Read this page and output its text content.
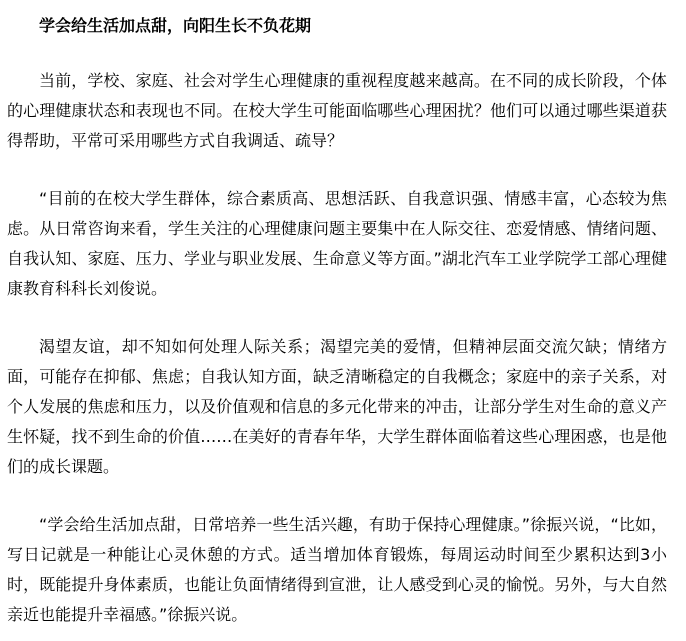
学会给生活加点甜，向阳生长不负花期

当前，学校、家庭、社会对学生心理健康的重视程度越来越高。在不同的成长阶段，个体的心理健康状态和表现也不同。在校大学生可能面临哪些心理困扰？他们可以通过哪些渠道获得帮助，平常可采用哪些方式自我调适、疏导？

“目前的在校大学生群体，综合素质高、思想活跃、自我意识强、情感丰富，心态较为焦虑。从日常咨询来看，学生关注的心理健康问题主要集中在人际交往、恋爱情感、情绪问题、自我认知、家庭、压力、学业与职业发展、生命意义等方面。”湖北汽车工业学院学工部心理健康教育科科长刘俊说。

渴望友谊，却不知如何处理人际关系；渴望完美的爱情，但精神层面交流欠缺；情绪方面，可能存在抑郁、焦虑；自我认知方面，缺乏清晰稳定的自我概念；家庭中的亲子关系，对个人发展的焦虑和压力，以及价值观和信息的多元化带来的冲击，让部分学生对生命的意义产生怀疑，找不到生命的价值……在美好的青春年华，大学生群体面临着这些心理困惑，也是他们的成长课题。

“学会给生活加点甜，日常培养一些生活兴趣，有助于保持心理健康。”徐振兴说，“比如，写日记就是一种能让心灵休憩的方式。适当增加体育锻炼，每周运动时间至少累积达到3小时，既能提升身体素质，也能让负面情绪得到宣泄，让人感受到心灵的愉悦。另外，与大自然亲近也能提升幸福感。”徐振兴说。
